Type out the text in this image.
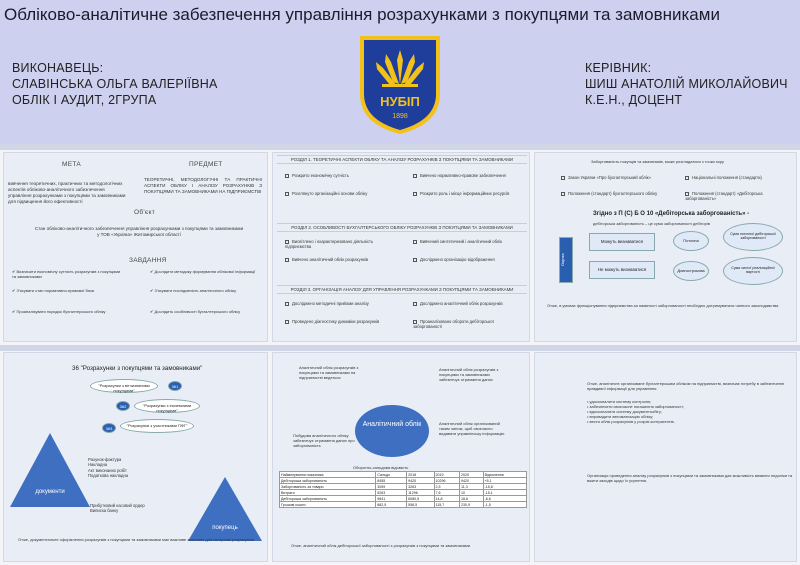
Обліково-аналітичне забезпечення управління розрахунками з покупцями та замовниками
ВИКОНАВЕЦЬ:
СЛАВІНСЬКА ОЛЬГА ВАЛЕРІЇВНА
ОБЛІК І АУДИТ, 2ГРУПА
КЕРІВНИК:
ШИШ АНАТОЛІЙ МИКОЛАЙОВИЧ
К.Е.Н., ДОЦЕНТ
НУБІП
1898
МЕТА	ПРЕДМЕТ
вивчення теоретичних, практичних та методологічних аспектів обліково-аналітичного забезпечення управління розрахунками з покупцями та замовниками для підвищення його ефективності
ТЕОРЕТИЧНІ, МЕТОДОЛОГІЧНІ ТА ПРАКТИЧНІ АСПЕКТИ ОБЛІКУ І АНАЛІЗУ РОЗРАХУНКІВ З ПОКУПЦЯМИ ТА ЗАМОВНИКАМИ НА ПІДПРИЄМСТВІ
Об'єкт
Стан обліково-аналітичного забезпечення управління розрахунками з покупцями та замовниками у ТОВ «Україна» Житомирської області
ЗАВДАННЯ
✔ Визначити економічну сутність розрахунків з покупцями та замовниками
✔ Дослідити методику формування облікової інформації
✔ З'ясувати стан нормативно-правової бази	✔ З'ясувати послідовність аналітичного обліку
✔ Проаналізувати порядок бухгалтерського обліку	✔ Дослідить особливості бухгалтерського обліку
РОЗДІЛ 1. ТЕОРЕТИЧНІ АСПЕКТИ ОБЛІКУ ТА АНАЛІЗУ РОЗРАХУНКІВ З ПОКУПЦЯМИ ТА ЗАМОВНИКАМИ
Розкрито економічну сутність	Вивчено нормативно-правове забезпечення
Розглянуто організаційні основи обліку	Розкрито роль і місце інформаційних ресурсів
РОЗДІЛ 2. ОСОБЛИВОСТІ БУХГАЛТЕРСЬКОГО ОБЛІКУ РОЗРАХУНКІВ З ПОКУПЦЯМИ ТА ЗАМОВНИКАМИ
Висвітлено і охарактеризовано діяльність підприємства
Вивчений синтетичний і аналітичний облік
Вивчено аналітичний облік розрахунків	Досліджено організацію відображення
РОЗДІЛ 3. ОРГАНІЗАЦІЯ АНАЛІЗУ ДЛЯ УПРАВЛІННЯ РОЗРАХУНКАМИ З ПОКУПЦЯМИ ТА ЗАМОВНИКАМИ
Досліджено методичні прийоми аналізу	Досліджено аналітичний облік розрахунків
Проведено діагностику динаміки розрахунків	Проаналізовано обороти дебіторської заборгованості
Заборгованість покупців та замовників, може розглядатися з точки зору
Закон України «Про бухгалтерський облік»	Національні положення (стандарти)
Положення (стандарт) бухгалтерського обліку	Положення (стандарт) «Дебіторська заборгованість»
Згідно з П (С) Б О 10 «Дебіторська заборгованість» -
дебіторська заборгованість – це сума заборгованості дебіторів
Оцінка
Можуть визнаватися
Не можуть визнаватися
Поточна
Довгострокова
Сума поточної дебіторської заборгованості
Сума чистої реалізаційної вартості
Отже, в умовах функціонування підприємства за наявності заборгованості необхідно дотримуватися чинного законодавства
36 "Розрахунки з покупцями та замовниками"
"Розрахунки з вітчизняними покупцями"
361
362	"Розрахунки з іноземними покупцями"
363
"Розрахунки з участниками ПФГ"
документи
Рахунок-фактура
Накладна
Акт виконаних робіт
Податкова накладна
покупець
Прибутковий касовий ордер
Виписка банку
Отже, документальне оформлення розрахунків з покупцями та замовниками має важливе значення для контролю розрахунків
Аналітичний облік розрахунків з покупцями та замовниками на підприємстві ведеться
Аналітичний облік розрахунків з покупцями та замовниками забезпечує отримання даних
Побудова аналітичного обліку забезпечує отримання даних про заборгованість
Аналітичний облік організований таким чином, щоб своєчасно видавати управлінську інформацію
Аналітичний облік
Оборотно-сальдова відомість
Найменування показника	Сальдо	2018	2019	2020	Відхилення
Дебіторська заборгованість	8455	9420	10296	9420	+5,1
Заборгованість за товари	3059	3263	2,5	11,3	-15,8
Витрати	5263	11296	7,6	10	-15,1
Дебіторська заборгованість	9841	6080,5	14,8	18,6	-6,6
Грошові кошти	882,5	558,5	115,7	230,9	-1,5
Отже, аналітичний облік дебіторської заборгованості з розрахунків з покупцями та замовниками
Отже, аналітичне організоване бухгалтерським обліком на підприємстві, визначає потребу в забезпеченні правдивої інформації для управління
• удосконалити систему контролю;
• забезпечити своєчасне погашення заборгованості;
• вдосконалити систему документообігу;
• впровадити автоматизацію обліку;
• вести облік розрахунків у розрізі контрагентів.
Організація проведення аналізу розрахунків з покупцями та замовниками дає можливість виявити недоліки та вжити заходів щодо їх усунення.
